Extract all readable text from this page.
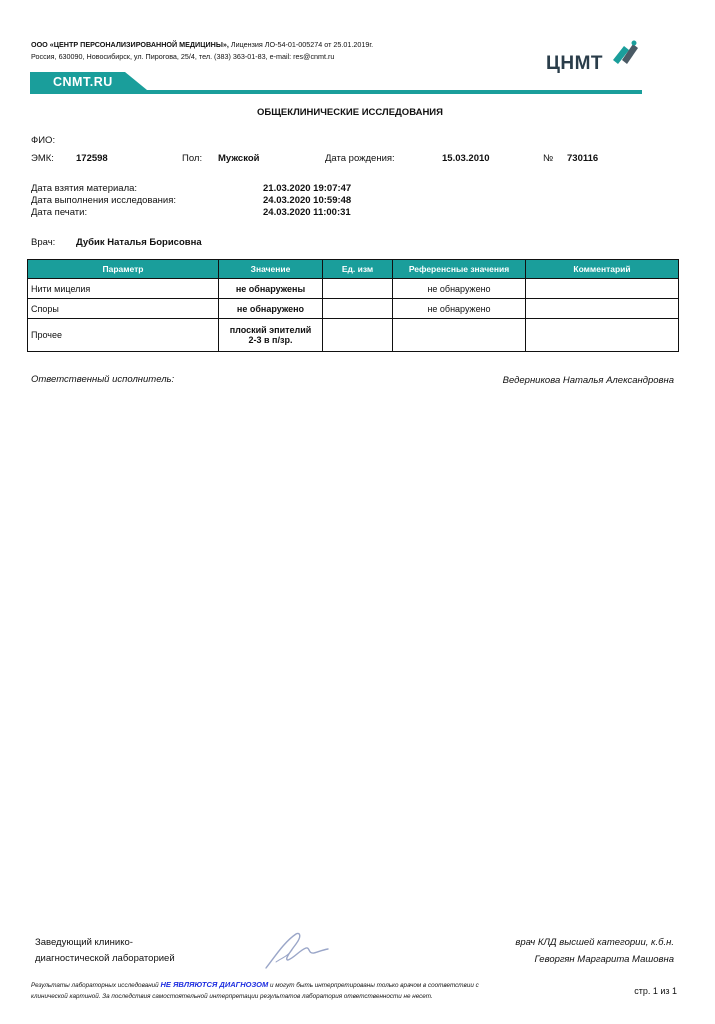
ООО «ЦЕНТР ПЕРСОНАЛИЗИРОВАННОЙ МЕДИЦИНЫ», Лицензия ЛО-54-01-005274 от 25.01.2019г.
Россия, 630090, Новосибирск, ул. Пирогова, 25/4, тел. (383) 363-01-83, e-mail: res@cnmt.ru	ЦНМТ
CNMT.RU
ОБЩЕКЛИНИЧЕСКИЕ ИССЛЕДОВАНИЯ
ФИО:
ЭМК: 172598	Пол: Мужской	Дата рождения:	15.03.2010	№ 730116
Дата взятия материала:	21.03.2020 19:07:47
Дата выполнения исследования:	24.03.2020 10:59:48
Дата печати:	24.03.2020 11:00:31
Врач: Дубик Наталья Борисовна
Параметр	Значение	Ед. изм	Референсные значения	Комментарий
Нити мицелия	не обнаружены		не обнаружено	
Споры	не обнаружено		не обнаружено	
Прочее	плоский эпителий
2-3 в п/зр.			

Ответственный исполнитель:	Ведерникова Наталья Александровна
Заведующий клинико-
диагностической лабораторией
врач КЛД высшей категории, к.б.н.
Геворгян Маргарита Машовна
Результаты лабораторных исследований НЕ ЯВЛЯЮТСЯ ДИАГНОЗОМ и могут быть интерпретированы только врачом в соответствии с
клинической картиной. За последствия самостоятельной интерпретации результатов лаборатория ответственности не несет.
стр. 1 из 1
